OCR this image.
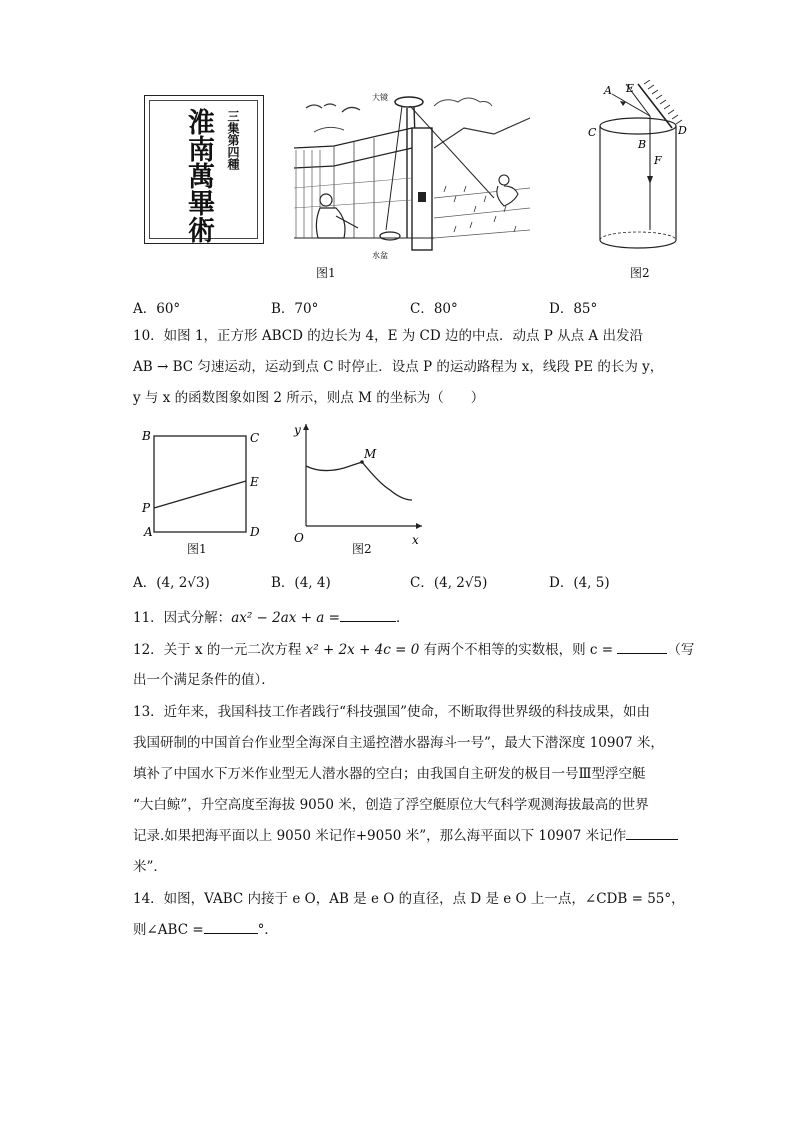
淮南萬畢術 三集第四種
大镜
水盆
图1
A E
C	D
B
F
图2
A．60°	B．70°	C．80°	D．85°
10．如图 1，正方形 ABCD 的边长为 4，E 为 CD 边的中点．动点 P 从点 A 出发沿
AB → BC 匀速运动，运动到点 C 时停止．设点 P 的运动路程为 x，线段 PE 的长为 y，
y 与 x 的函数图象如图 2 所示，则点 M 的坐标为（　　）
B	C
E
P
A	D
图1
y
M
O	x
图2
A．(4, 2√3)	B．(4, 4)	C．(4, 2√5)	D．(4, 5)
11．因式分解：ax² − 2ax + a =	．
12．关于 x 的一元二次方程 x² + 2x + 4c = 0 有两个不相等的实数根，则 c =	（写
出一个满足条件的值）．
13．近年来，我国科技工作者践行“科技强国”使命，不断取得世界级的科技成果，如由
我国研制的中国首台作业型全海深自主遥控潜水器海斗一号”，最大下潜深度 10907 米，
填补了中国水下万米作业型无人潜水器的空白；由我国自主研发的极目一号Ⅲ型浮空艇
“大白鲸”，升空高度至海拔 9050 米，创造了浮空艇原位大气科学观测海拔最高的世界
记录.如果把海平面以上 9050 米记作+9050 米”，那么海平面以下 10907 米记作
米”．
14．如图，VABC 内接于 e O，AB 是 e O 的直径，点 D 是 e O 上一点，∠CDB = 55°，
则∠ABC =	°．
